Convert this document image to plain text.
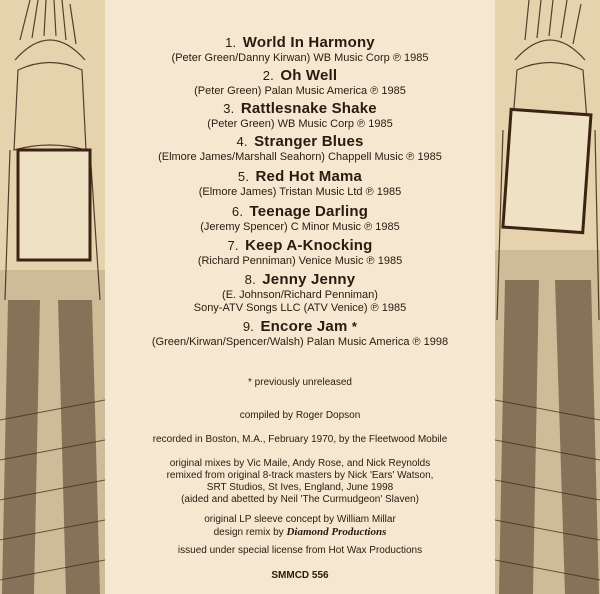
1. World In Harmony
(Peter Green/Danny Kirwan) WB Music Corp ℗ 1985
2. Oh Well
(Peter Green) Palan Music America ℗ 1985
3. Rattlesnake Shake
(Peter Green) WB Music Corp ℗ 1985
4. Stranger Blues
(Elmore James/Marshall Seahorn) Chappell Music ℗ 1985
5. Red Hot Mama
(Elmore James) Tristan Music Ltd ℗ 1985
6. Teenage Darling
(Jeremy Spencer) C Minor Music ℗ 1985
7. Keep A-Knocking
(Richard Penniman) Venice Music ℗ 1985
8. Jenny Jenny
(E. Johnson/Richard Penniman)
Sony-ATV Songs LLC (ATV Venice) ℗ 1985
9. Encore Jam *
(Green/Kirwan/Spencer/Walsh) Palan Music America ℗ 1998
* previously unreleased
compiled by Roger Dopson
recorded in Boston, M.A., February 1970, by the Fleetwood Mobile
original mixes by Vic Maile, Andy Rose, and Nick Reynolds
remixed from original 8-track masters by Nick 'Ears' Watson,
SRT Studios, St Ives, England, June 1998
(aided and abetted by Neil 'The Curmudgeon' Slaven)
original LP sleeve concept by William Millar
design remix by Diamond Productions
issued under special license from Hot Wax Productions
SMMCD 556
